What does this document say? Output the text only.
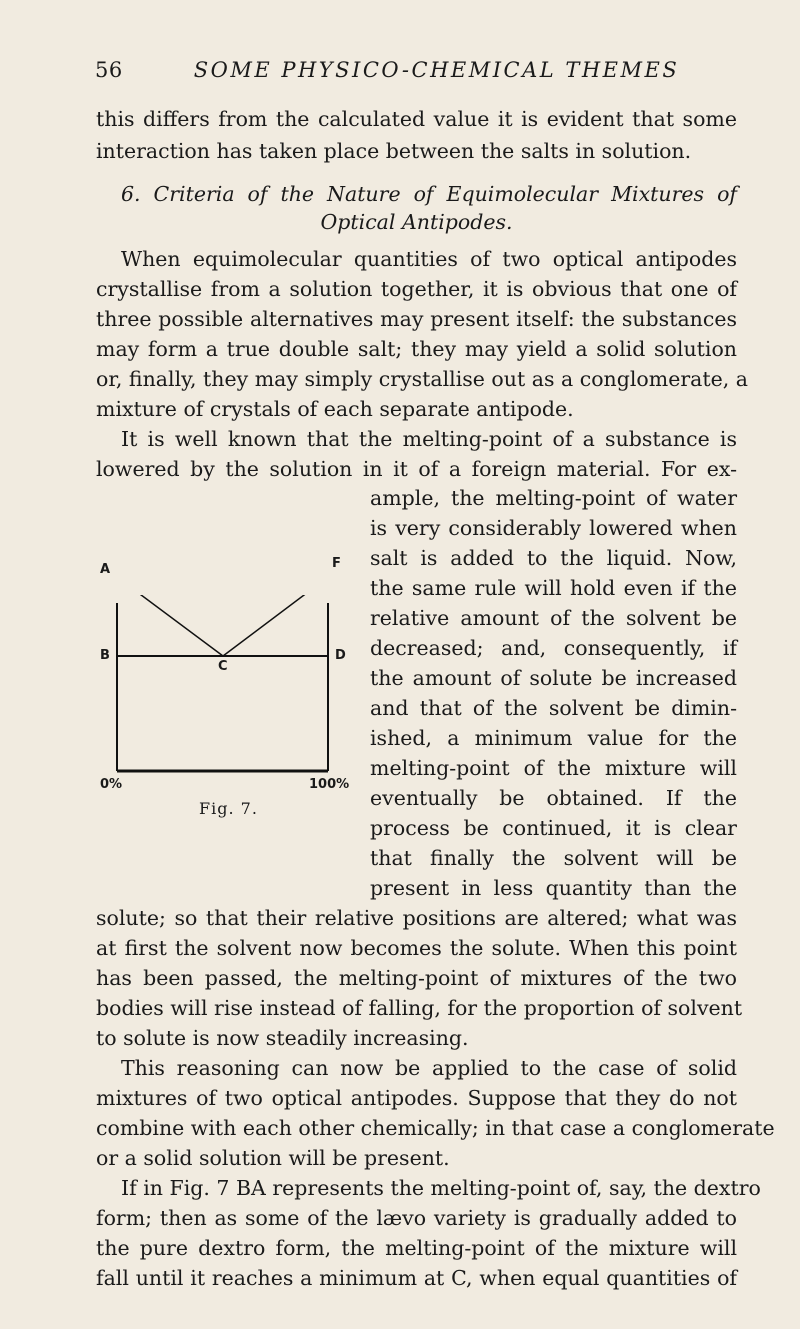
56	SOME PHYSICO-CHEMICAL THEMES
this differs from the calculated value it is evident that some
interaction has taken place between the salts in solution.
6. Criteria of the Nature of Equimolecular Mixtures of
Optical Antipodes.
When equimolecular quantities of two optical antipodes
crystallise from a solution together, it is obvious that one of
three possible alternatives may present itself: the substances
may form a true double salt; they may yield a solid solution
or, finally, they may simply crystallise out as a conglomerate, a
mixture of crystals of each separate antipode.
It is well known that the melting-point of a substance is
lowered by the solution in it of a foreign material. For ex-
ample, the melting-point of water
is very considerably lowered when
salt is added to the liquid. Now,
the same rule will hold even if the
relative amount of the solvent be
decreased; and, consequently, if
the amount of solute be increased
and that of the solvent be dimin-
ished, a minimum value for the
melting-point of the mixture will
eventually be obtained. If the
process be continued, it is clear
that finally the solvent will be
present in less quantity than the
solute; so that their relative positions are altered; what was
at first the solvent now becomes the solute. When this point
has been passed, the melting-point of mixtures of the two
bodies will rise instead of falling, for the proportion of solvent
to solute is now steadily increasing.
This reasoning can now be applied to the case of solid
mixtures of two optical antipodes. Suppose that they do not
combine with each other chemically; in that case a conglomerate
or a solid solution will be present.
If in Fig. 7 BA represents the melting-point of, say, the dextro
form; then as some of the lævo variety is gradually added to
the pure dextro form, the melting-point of the mixture will
fall until it reaches a minimum at C, when equal quantities of
A	F
B
C
D
0%	100%
Fig. 7.
